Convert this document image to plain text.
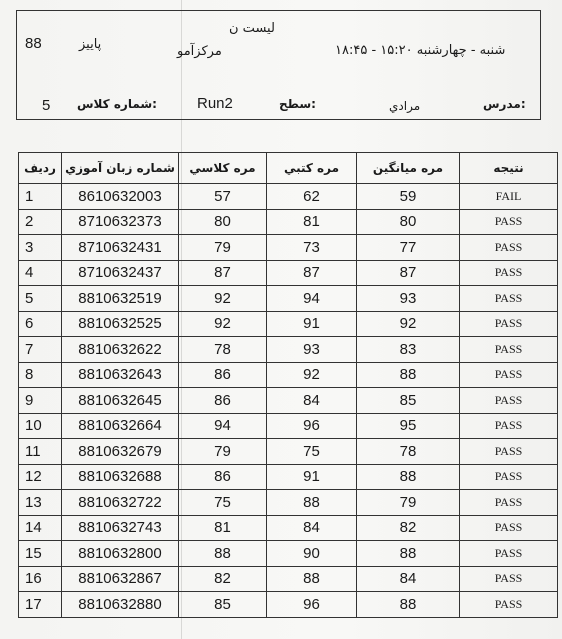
ليست ن
88	پاييز	مركزآمو	شنبه - چهارشنبه ۱۵:۲۰ - ۱۸:۴۵
5 شماره كلاس:	Run2	سطح:	مرادي	مدرس:
نتيجه	مره ميانگين	مره كتبي	مره كلاسي	شماره زبان آموزي	رديف
FAIL	59	62	57	8610632003	1
PASS	80	81	80	8710632373	2
PASS	77	73	79	8710632431	3
PASS	87	87	87	8710632437	4
PASS	93	94	92	8810632519	5
PASS	92	91	92	8810632525	6
PASS	83	93	78	8810632622	7
PASS	88	92	86	8810632643	8
PASS	85	84	86	8810632645	9
PASS	95	96	94	8810632664	10
PASS	78	75	79	8810632679	11
PASS	88	91	86	8810632688	12
PASS	79	88	75	8810632722	13
PASS	82	84	81	8810632743	14
PASS	88	90	88	8810632800	15
PASS	84	88	82	8810632867	16
PASS	88	96	85	8810632880	17
